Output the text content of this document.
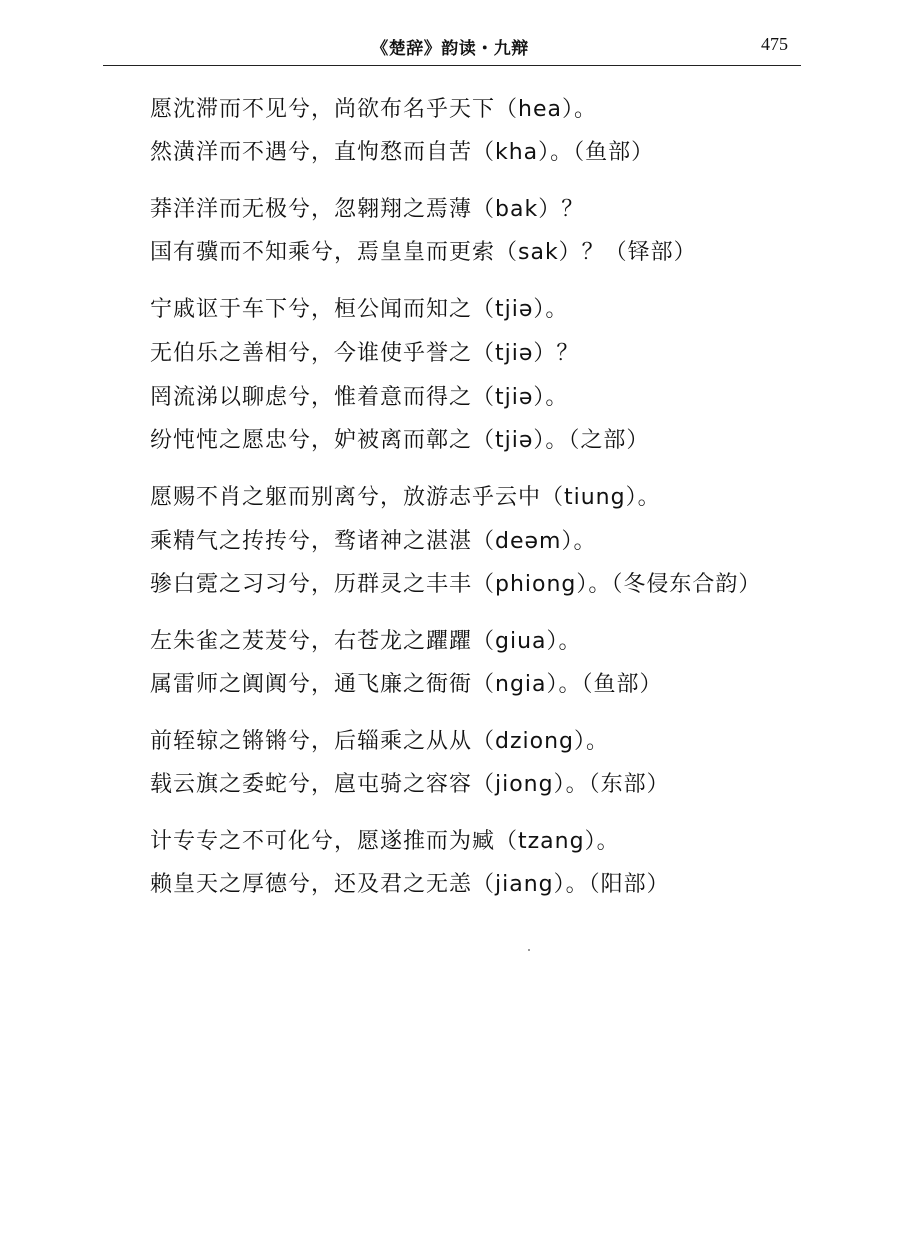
《楚辞》韵读・九辩	475
愿沈滞而不见兮，尚欲布名乎天下（hea）。
然潢洋而不遇兮，直怐愗而自苦（kha）。（鱼部）
莽洋洋而无极兮，忽翱翔之焉薄（bak）？
国有骥而不知乘兮，焉皇皇而更索（sak）？（铎部）
宁戚讴于车下兮，桓公闻而知之（tjiə）。
无伯乐之善相兮，今谁使乎誉之（tjiə）？
罔流涕以聊虑兮，惟着意而得之（tjiə）。
纷忳忳之愿忠兮，妒被离而鄣之（tjiə）。（之部）
愿赐不肖之躯而别离兮，放游志乎云中（tiung）。
乘精气之抟抟兮，骛诸神之湛湛（deəm）。
骖白霓之习习兮，历群灵之丰丰（phiong）。（冬侵东合韵）
左朱雀之茇茇兮，右苍龙之躣躣（giua）。
属雷师之阗阗兮，通飞廉之衙衙（ngia）。（鱼部）
前轾辌之锵锵兮，后辎乘之从从（dziong）。
载云旗之委蛇兮，扈屯骑之容容（jiong）。（东部）
计专专之不可化兮，愿遂推而为臧（tzang）。
赖皇天之厚德兮，还及君之无恙（jiang）。（阳部）
